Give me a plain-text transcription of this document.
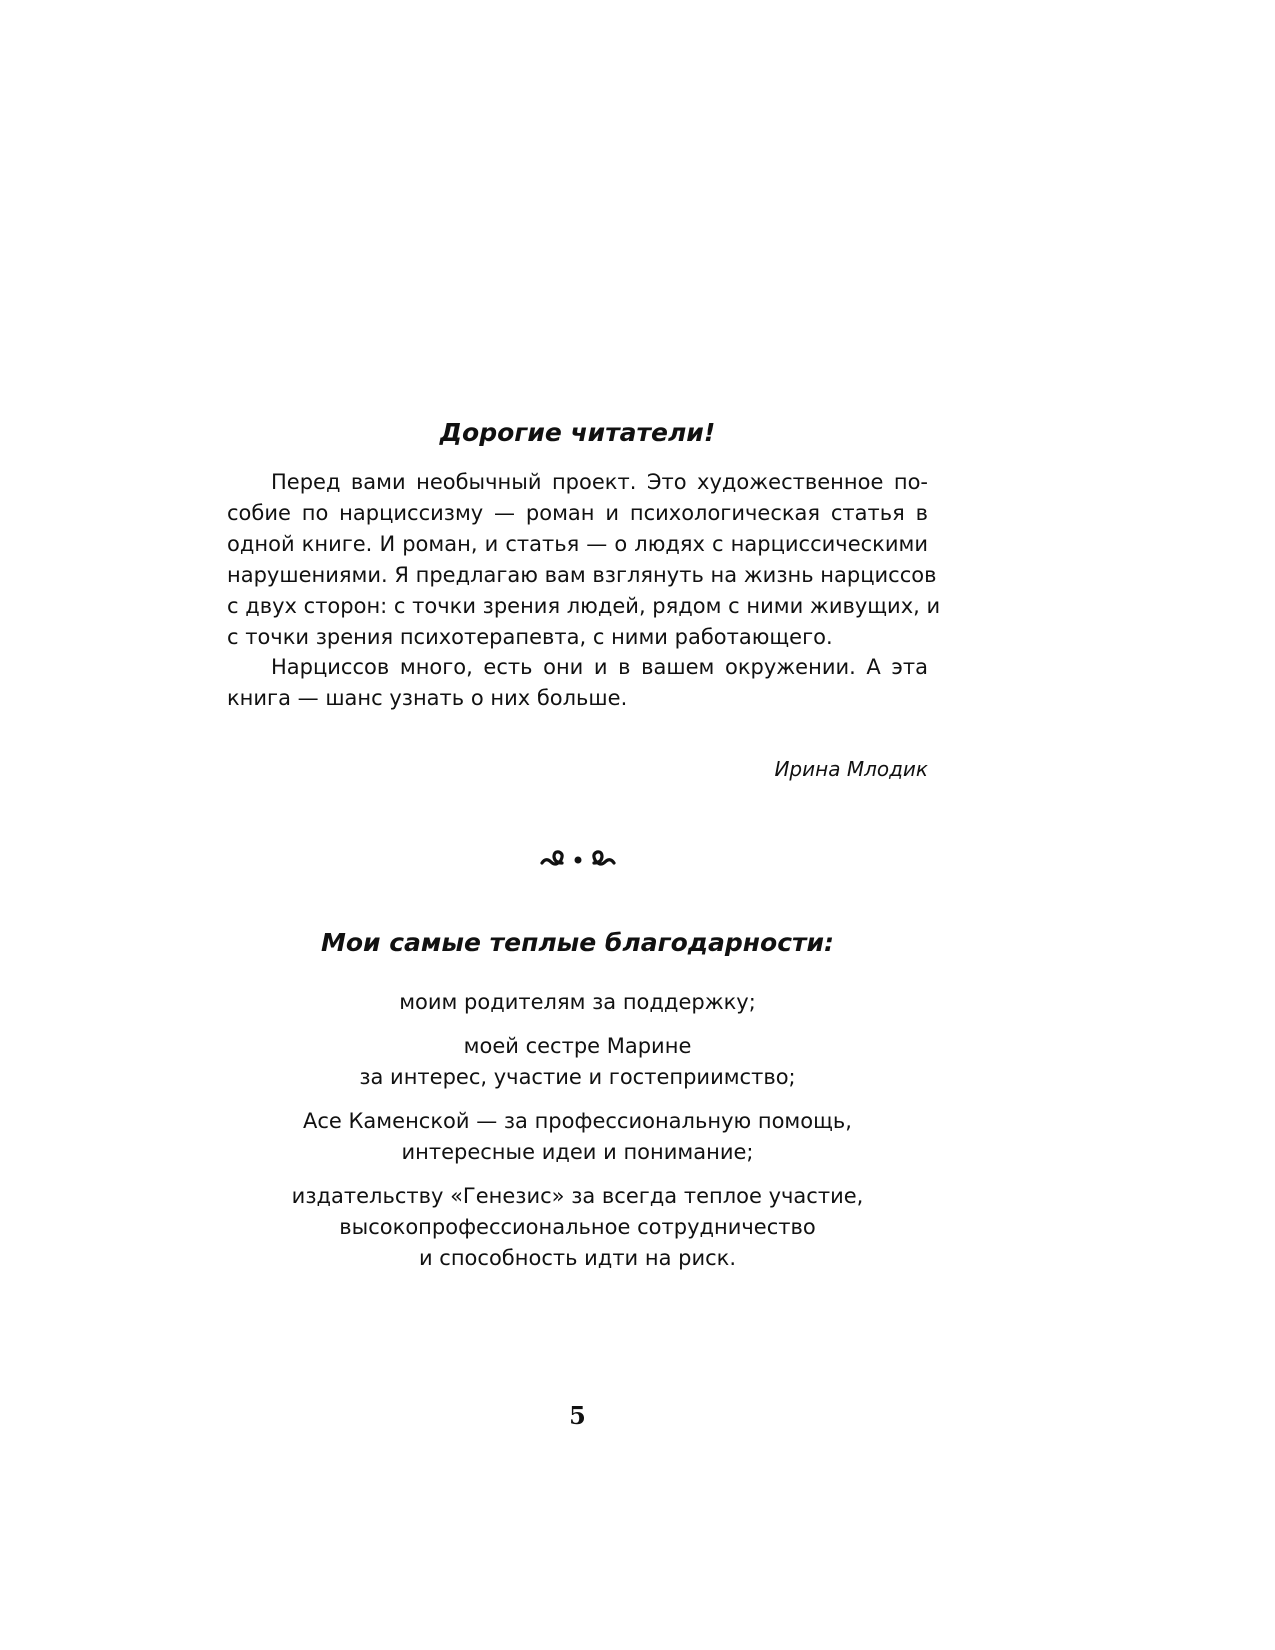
Дорогие читатели!
Перед вами необычный проект. Это художественное по-
собие по нарциссизму — роман и психологическая статья в
одной книге. И роман, и статья — о людях с нарциссическими
нарушениями. Я предлагаю вам взглянуть на жизнь нарциссов
с двух сторон: с точки зрения людей, рядом с ними живущих, и
с точки зрения психотерапевта, с ними работающего.
Нарциссов много, есть они и в вашем окружении. А эта
книга — шанс узнать о них больше.
Ирина Млодик
Мои самые теплые благодарности:
моим родителям за поддержку;
моей сестре Марине
за интерес, участие и гостеприимство;
Асе Каменской — за профессиональную помощь,
интересные идеи и понимание;
издательству «Генезис» за всегда теплое участие,
высокопрофессиональное сотрудничество
и способность идти на риск.
5
